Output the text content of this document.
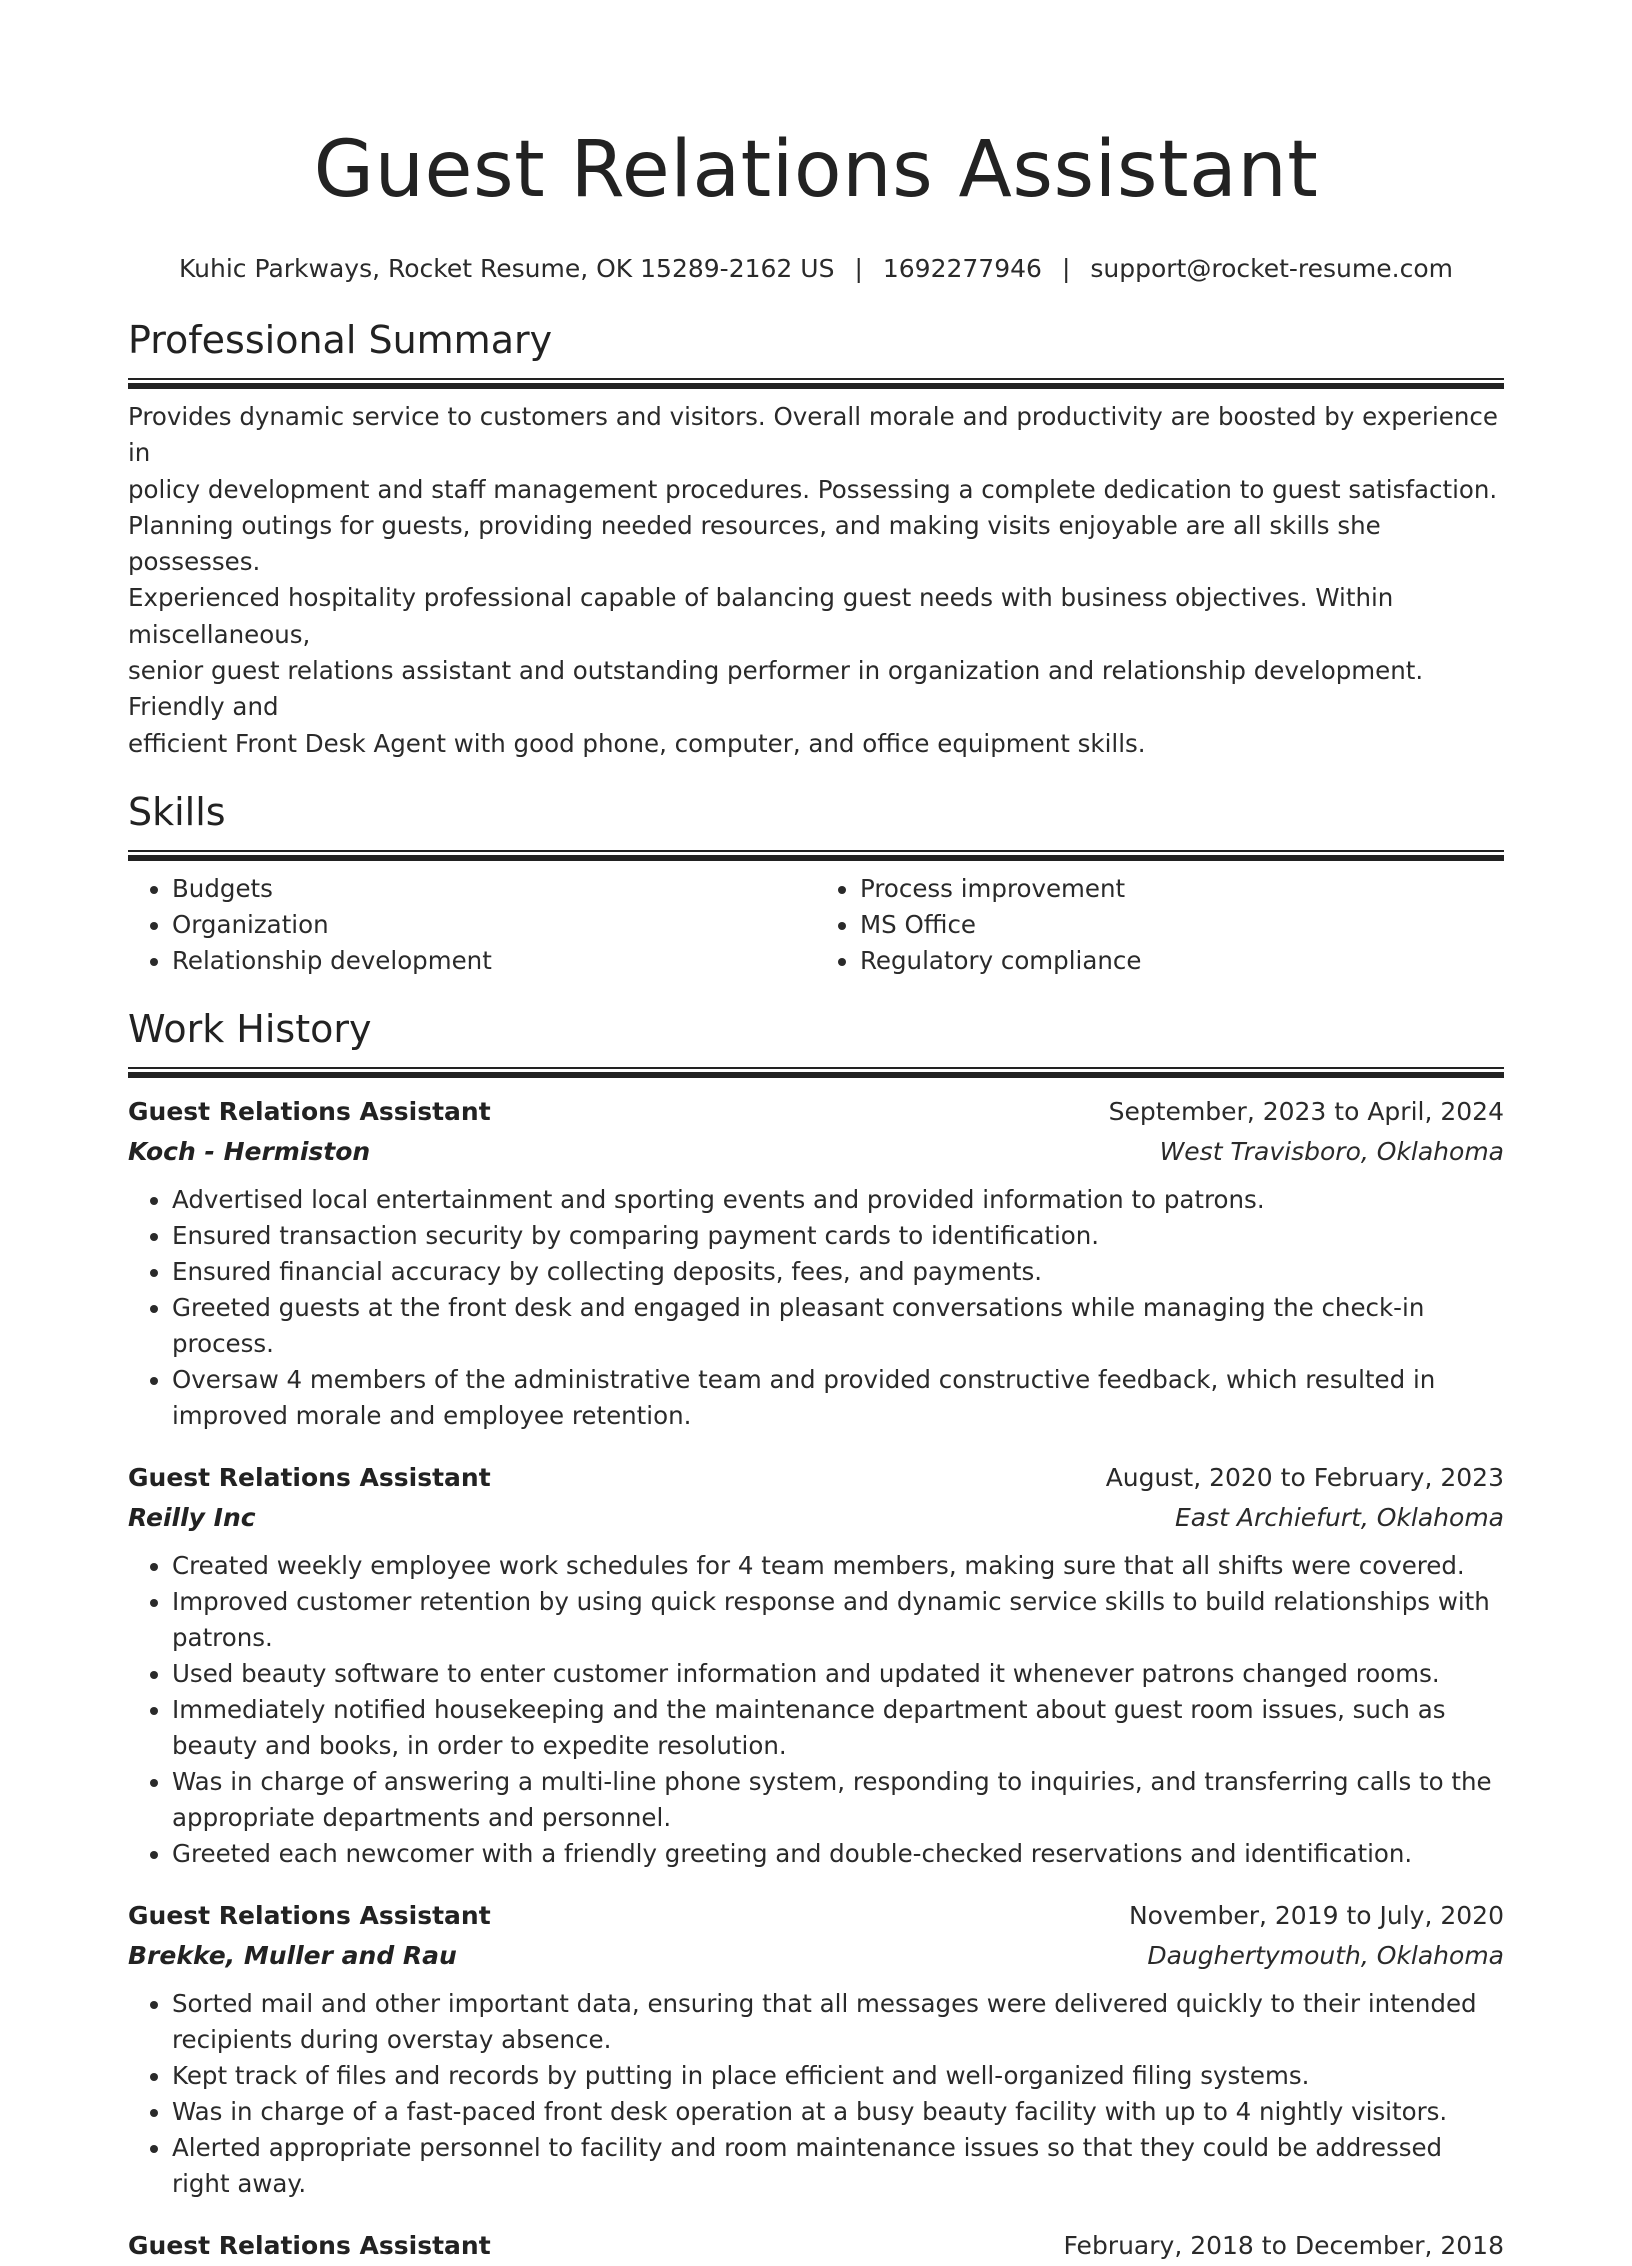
Guest Relations Assistant
Kuhic Parkways, Rocket Resume, OK 15289-2162 US | 1692277946 | support@rocket-resume.com
Professional Summary
Provides dynamic service to customers and visitors. Overall morale and productivity are boosted by experience in
policy development and staff management procedures. Possessing a complete dedication to guest satisfaction.
Planning outings for guests, providing needed resources, and making visits enjoyable are all skills she possesses.
Experienced hospitality professional capable of balancing guest needs with business objectives. Within miscellaneous,
senior guest relations assistant and outstanding performer in organization and relationship development. Friendly and
efficient Front Desk Agent with good phone, computer, and office equipment skills.
Skills
• Budgets
• Organization
• Relationship development
• Process improvement
• MS Office
• Regulatory compliance
Work History
Guest Relations Assistant	September, 2023 to April, 2024
Koch - Hermiston	West Travisboro, Oklahoma
• Advertised local entertainment and sporting events and provided information to patrons.
• Ensured transaction security by comparing payment cards to identification.
• Ensured financial accuracy by collecting deposits, fees, and payments.
• Greeted guests at the front desk and engaged in pleasant conversations while managing the check-in process.
• Oversaw 4 members of the administrative team and provided constructive feedback, which resulted in improved morale and employee retention.
Guest Relations Assistant	August, 2020 to February, 2023
Reilly Inc	East Archiefurt, Oklahoma
• Created weekly employee work schedules for 4 team members, making sure that all shifts were covered.
• Improved customer retention by using quick response and dynamic service skills to build relationships with patrons.
• Used beauty software to enter customer information and updated it whenever patrons changed rooms.
• Immediately notified housekeeping and the maintenance department about guest room issues, such as beauty and books, in order to expedite resolution.
• Was in charge of answering a multi-line phone system, responding to inquiries, and transferring calls to the appropriate departments and personnel.
• Greeted each newcomer with a friendly greeting and double-checked reservations and identification.
Guest Relations Assistant	November, 2019 to July, 2020
Brekke, Muller and Rau	Daughertymouth, Oklahoma
• Sorted mail and other important data, ensuring that all messages were delivered quickly to their intended recipients during overstay absence.
• Kept track of files and records by putting in place efficient and well-organized filing systems.
• Was in charge of a fast-paced front desk operation at a busy beauty facility with up to 4 nightly visitors.
• Alerted appropriate personnel to facility and room maintenance issues so that they could be addressed right away.
Guest Relations Assistant	February, 2018 to December, 2018
